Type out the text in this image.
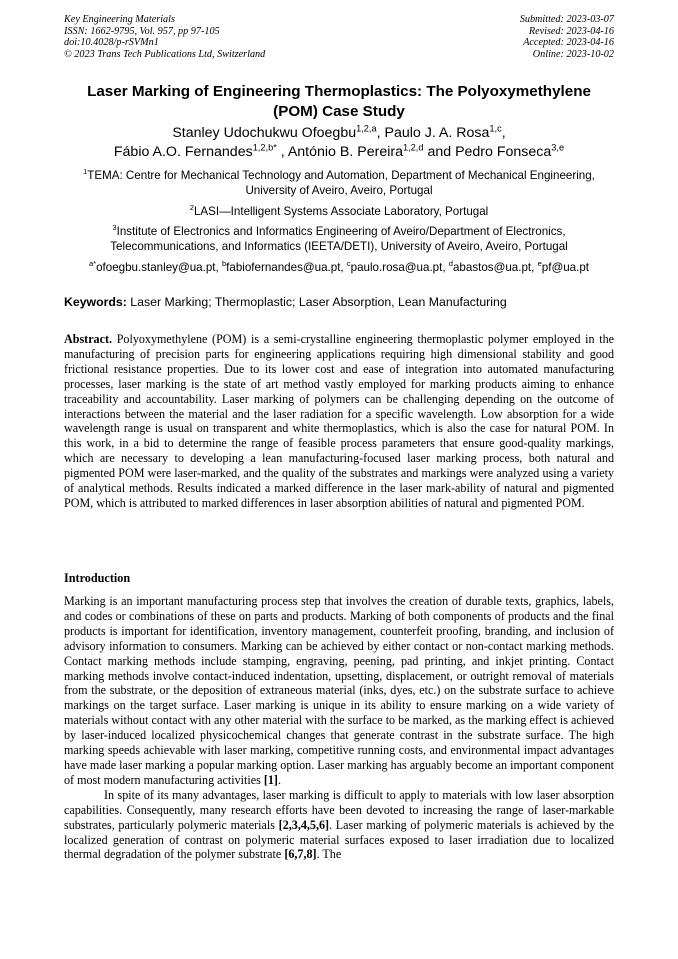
Key Engineering Materials
ISSN: 1662-9795, Vol. 957, pp 97-105
doi:10.4028/p-rSVMn1
© 2023 Trans Tech Publications Ltd, Switzerland
Submitted: 2023-03-07
Revised: 2023-04-16
Accepted: 2023-04-16
Online: 2023-10-02
Laser Marking of Engineering Thermoplastics: The Polyoxymethylene
(POM) Case Study
Stanley Udochukwu Ofoegbu$^{1,2,a}$, Paulo J. A. Rosa$^{1,c}$,
Fábio A.O. Fernandes$^{1,2,b*}$ , António B. Pereira$^{1,2,d}$ and Pedro Fonseca$^{3,e}$
$^1$TEMA: Centre for Mechanical Technology and Automation, Department of Mechanical Engineering, University of Aveiro, Aveiro, Portugal
$^2$LASI—Intelligent Systems Associate Laboratory, Portugal
$^3$Institute of Electronics and Informatics Engineering of Aveiro/Department of Electronics, Telecommunications, and Informatics (IEETA/DETI), University of Aveiro, Aveiro, Portugal
$^{a*}$ofoegbu.stanley@ua.pt, $^b$fabiofernandes@ua.pt, $^c$paulo.rosa@ua.pt, $^d$abastos@ua.pt, $^e$pf@ua.pt
Keywords: Laser Marking; Thermoplastic; Laser Absorption, Lean Manufacturing
Abstract. Polyoxymethylene (POM) is a semi-crystalline engineering thermoplastic polymer employed in the manufacturing of precision parts for engineering applications requiring high dimensional stability and good frictional resistance properties. Due to its lower cost and ease of integration into automated manufacturing processes, laser marking is the state of art method vastly employed for marking products aiming to enhance traceability and accountability. Laser marking of polymers can be challenging depending on the outcome of interactions between the material and the laser radiation for a specific wavelength. Low absorption for a wide wavelength range is usual on transparent and white thermoplastics, which is also the case for natural POM. In this work, in a bid to determine the range of feasible process parameters that ensure good-quality markings, which are necessary to developing a lean manufacturing-focused laser marking process, both natural and pigmented POM were laser-marked, and the quality of the substrates and markings were analyzed using a variety of analytical methods. Results indicated a marked difference in the laser mark-ability of natural and pigmented POM, which is attributed to marked differences in laser absorption abilities of natural and pigmented POM.
Introduction

Marking is an important manufacturing process step that involves the creation of durable texts, graphics, labels, and codes or combinations of these on parts and products. Marking of both components of products and the final products is important for identification, inventory management, counterfeit proofing, branding, and inclusion of advisory information to consumers. Marking can be achieved by either contact or non-contact marking methods. Contact marking methods include stamping, engraving, peening, pad printing, and inkjet printing. Contact marking methods involve contact-induced indentation, upsetting, displacement, or outright removal of materials from the substrate, or the deposition of extraneous material (inks, dyes, etc.) on the substrate surface to achieve markings on the target surface. Laser marking is unique in its ability to ensure marking on a wide variety of materials without contact with any other material with the surface to be marked, as the marking effect is achieved by laser-induced localized physicochemical changes that generate contrast in the substrate surface. The high marking speeds achievable with laser marking, competitive running costs, and environmental impact advantages have made laser marking a popular marking option. Laser marking has arguably become an important component of most modern manufacturing activities [1].

In spite of its many advantages, laser marking is difficult to apply to materials with low laser absorption capabilities. Consequently, many research efforts have been devoted to increasing the range of laser-markable substrates, particularly polymeric materials [2,3,4,5,6]. Laser marking of polymeric materials is achieved by the localized generation of contrast on polymeric material surfaces exposed to laser irradiation due to localized thermal degradation of the polymer substrate [6,7,8]. The
